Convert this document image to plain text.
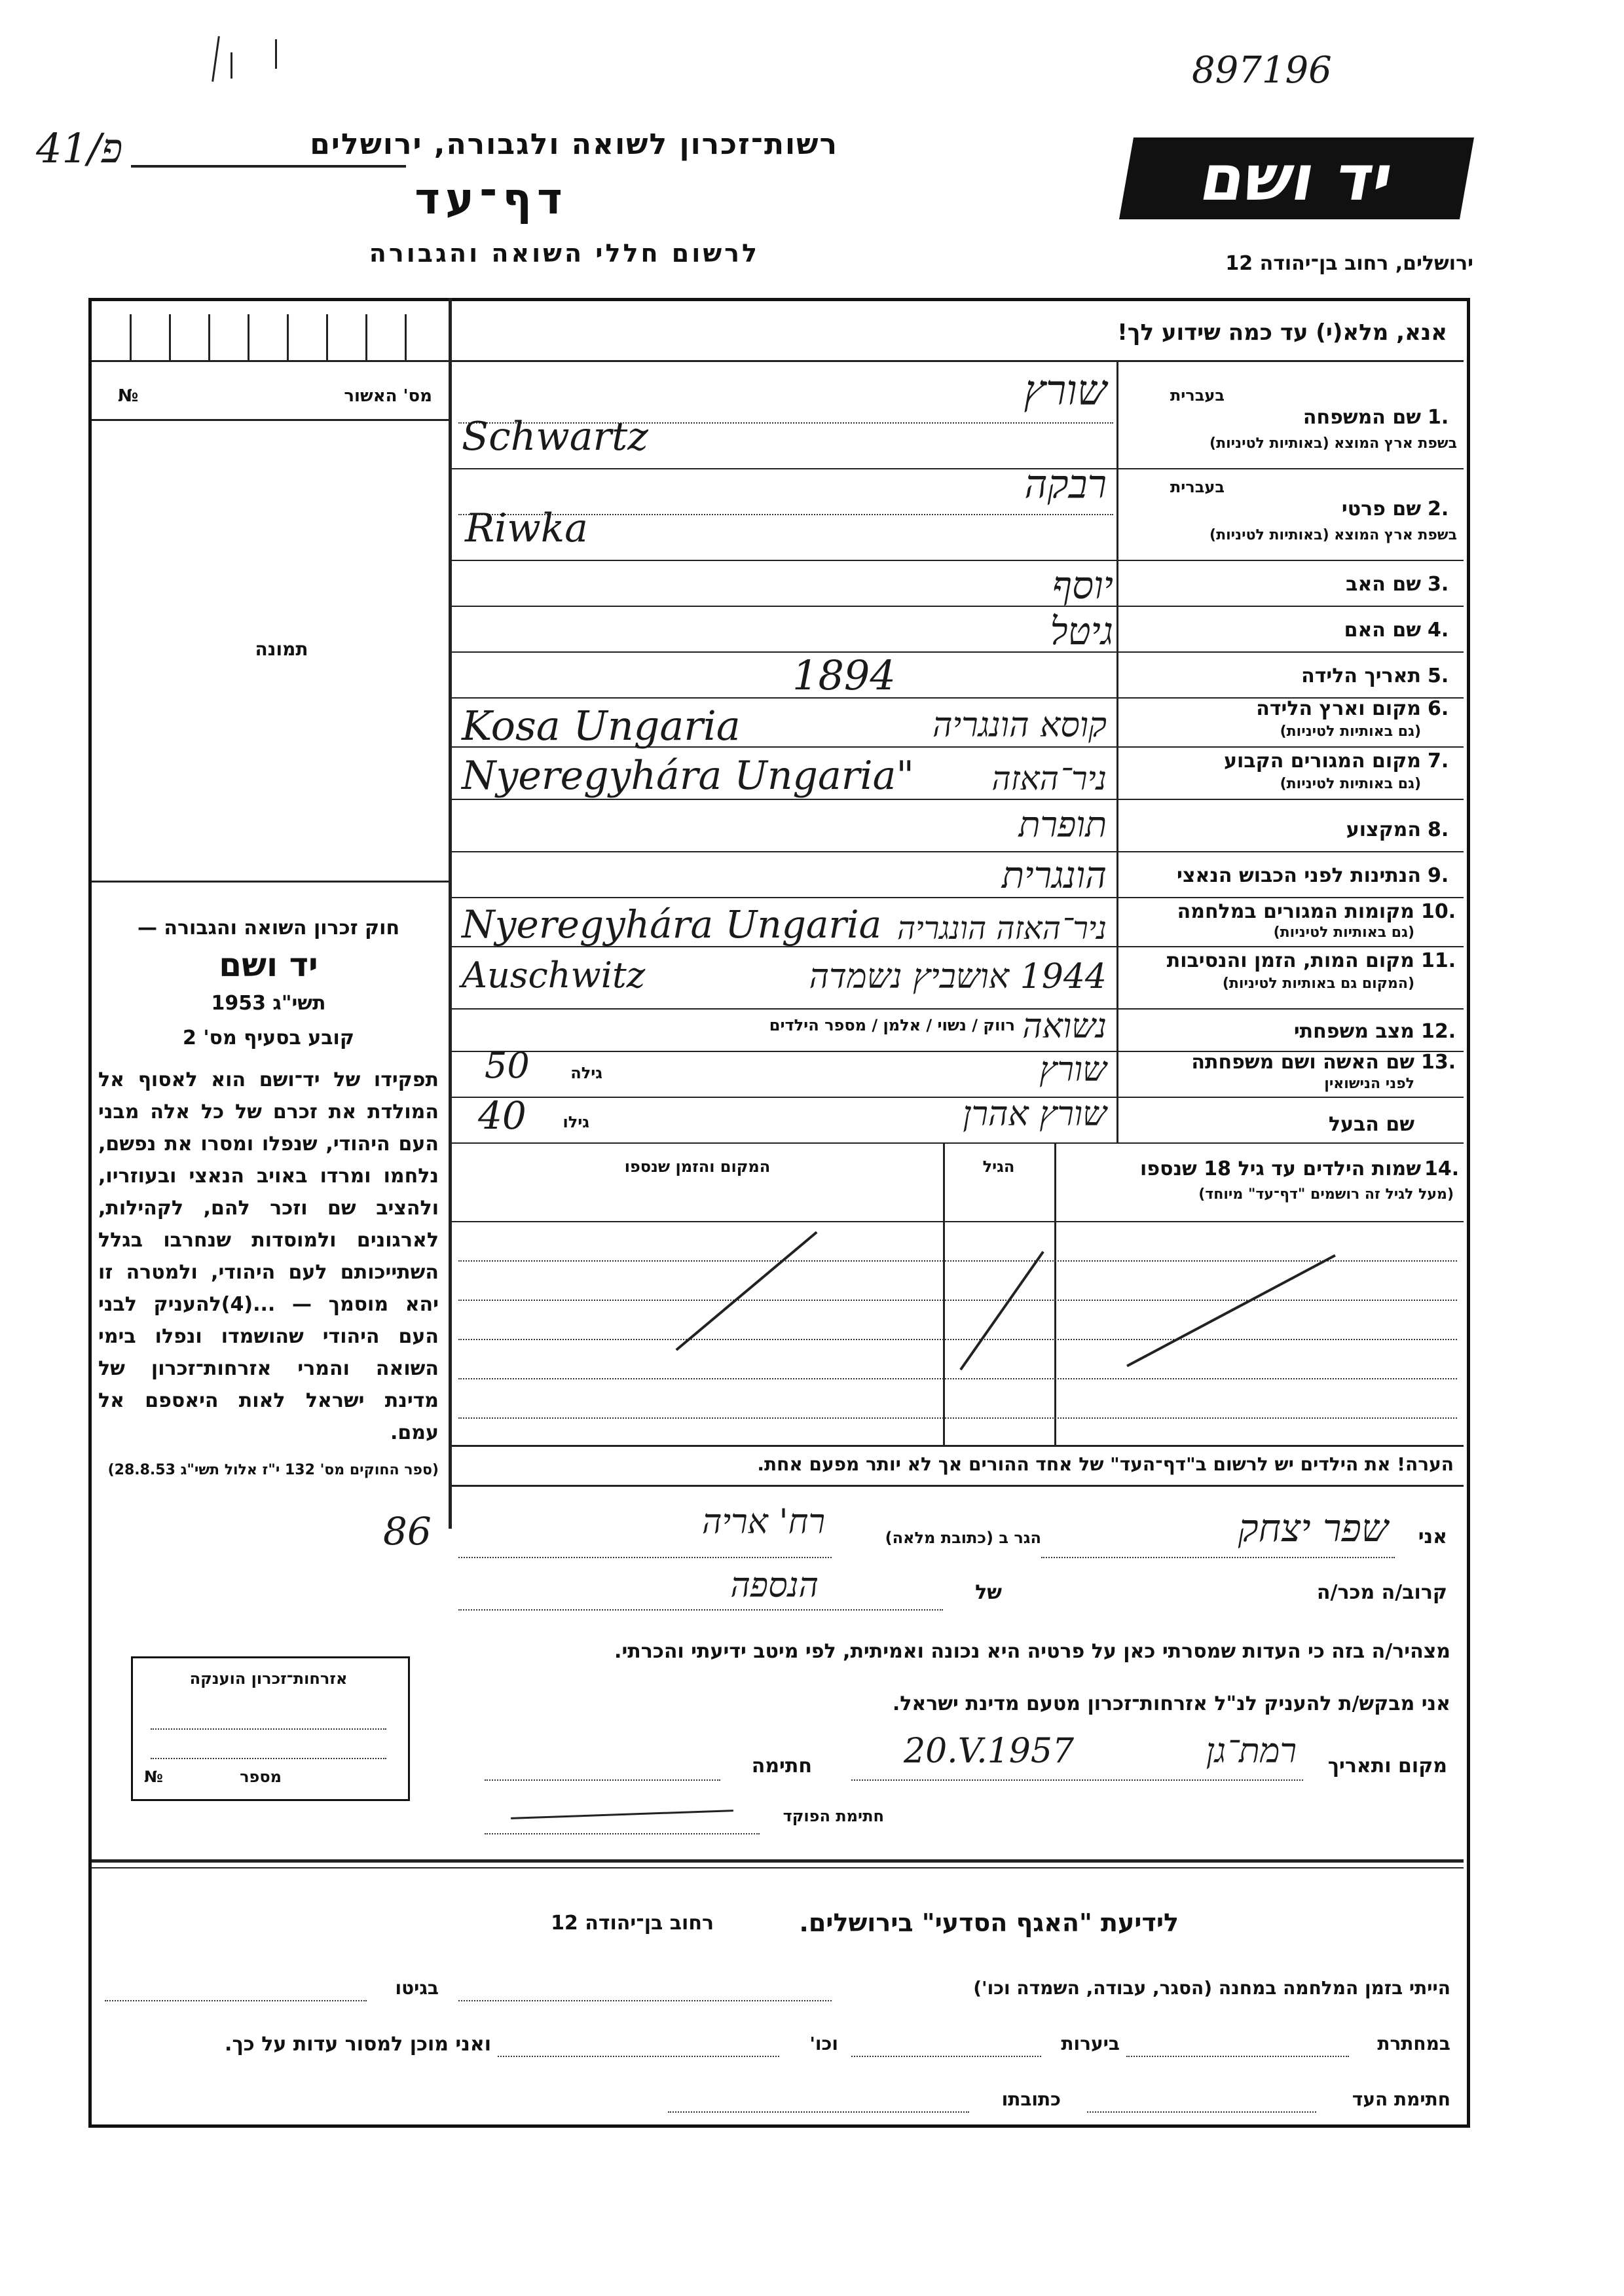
897196
41/פ	רשות־זכרון לשואה ולגבורה, ירושלים
דף־עד
לרשום חללי השואה והגבורה
יד ושם
ירושלים, רחוב בן־יהודה 12
אנא, מלא(י) עד כמה שידוע לך!
מס' האשור
№
תמונה
חוק זכרון השואה והגבורה —
יד ושם
תשי"ג 1953
קובע בסעיף מס' 2
תפקידו של יד־ושם הוא לאסוף אל המולדת את זכרם של כל אלה מבני העם היהודי, שנפלו ומסרו את נפשם, נלחמו ומרדו באויב הנאצי ובעוזריו, ולהציב שם וזכר להם, לקהילות, לארגונים ולמוסדות שנחרבו בגלל השתייכותם לעם היהודי, ולמטרה זו יהא מוסמך — ...(4)להעניק לבני העם היהודי שהושמדו ונפלו בימי השואה והמרי אזרחות־זכרון של מדינת ישראל לאות היאספם אל עמם.
(ספר החוקים מס' 132 י"ז אלול תשי"ג 28.8.53)
בעברית
שם המשפחה 1.
בשפת ארץ המוצא (באותיות לטיניות)
שורץ
Schwartz
בעברית
שם פרטי 2.
בשפת ארץ המוצא (באותיות לטיניות)
רבקה
Riwka
שם האב 3.
יוסף
שם האם 4.
גיטל
תאריך הלידה 5.
1894
מקום וארץ הלידה 6.
(גם באותיות לטיניות)
Kosa Ungaria	קוסא הונגריה
מקום המגורים הקבוע 7.
(גם באותיות לטיניות)
Nyeregyhára Ungaria"	ניר־האזה
המקצוע 8.
תופרת
הנתינות לפני הכבוש הנאצי 9.
הונגרית
מקומות המגורים במלחמה 10.
(גם באותיות לטיניות)
Nyeregyhára Ungaria ניר־האזה הונגריה
מקום המות, הזמן והנסיבות 11.
(המקום גם באותיות לטיניות)
Auschwitz	1944 אושביץ נשמדה
מצב משפחתי 12.
רווק / נשוי / אלמן / מספר הילדים נשואה
שם האשה ושם משפחתה 13.
לפני הנישואין
גילה
50	שורץ
שם הבעל
גילו
40	שורץ אהרן
14.
שמות הילדים עד גיל 18 שנספו
(מעל לגיל זה רושמים "דף־עד" מיוחד)
הגיל
המקום והזמן שנספו
הערה! את הילדים יש לרשום ב"דף־העד" של אחד ההורים אך לא יותר מפעם אחת.
אני
שפר יצחק
הגר ב (כתובת מלאה)
רח' אריה
86
קרוב/ה מכר/ה
של
הנספה
מצהיר/ה בזה כי העדות שמסרתי כאן על פרטיה היא נכונה ואמיתית, לפי מיטב ידיעתי והכרתי.
אני מבקש/ת להעניק לנ"ל אזרחות־זכרון מטעם מדינת ישראל.
מקום ותאריך
רמת־גן
20.V.1957
חתימה
חתימת הפוקד
אזרחות־זכרון הוענקה
מספר
№
לידיעת "האגף הסדעי" בירושלים.
רחוב בן־יהודה 12
הייתי בזמן המלחמה במחנה (הסגר, עבודה, השמדה וכו')
בגיטו
במחתרת
ביערות
וכו'
ואני מוכן למסור עדות על כך.
חתימת העד
כתובתו
